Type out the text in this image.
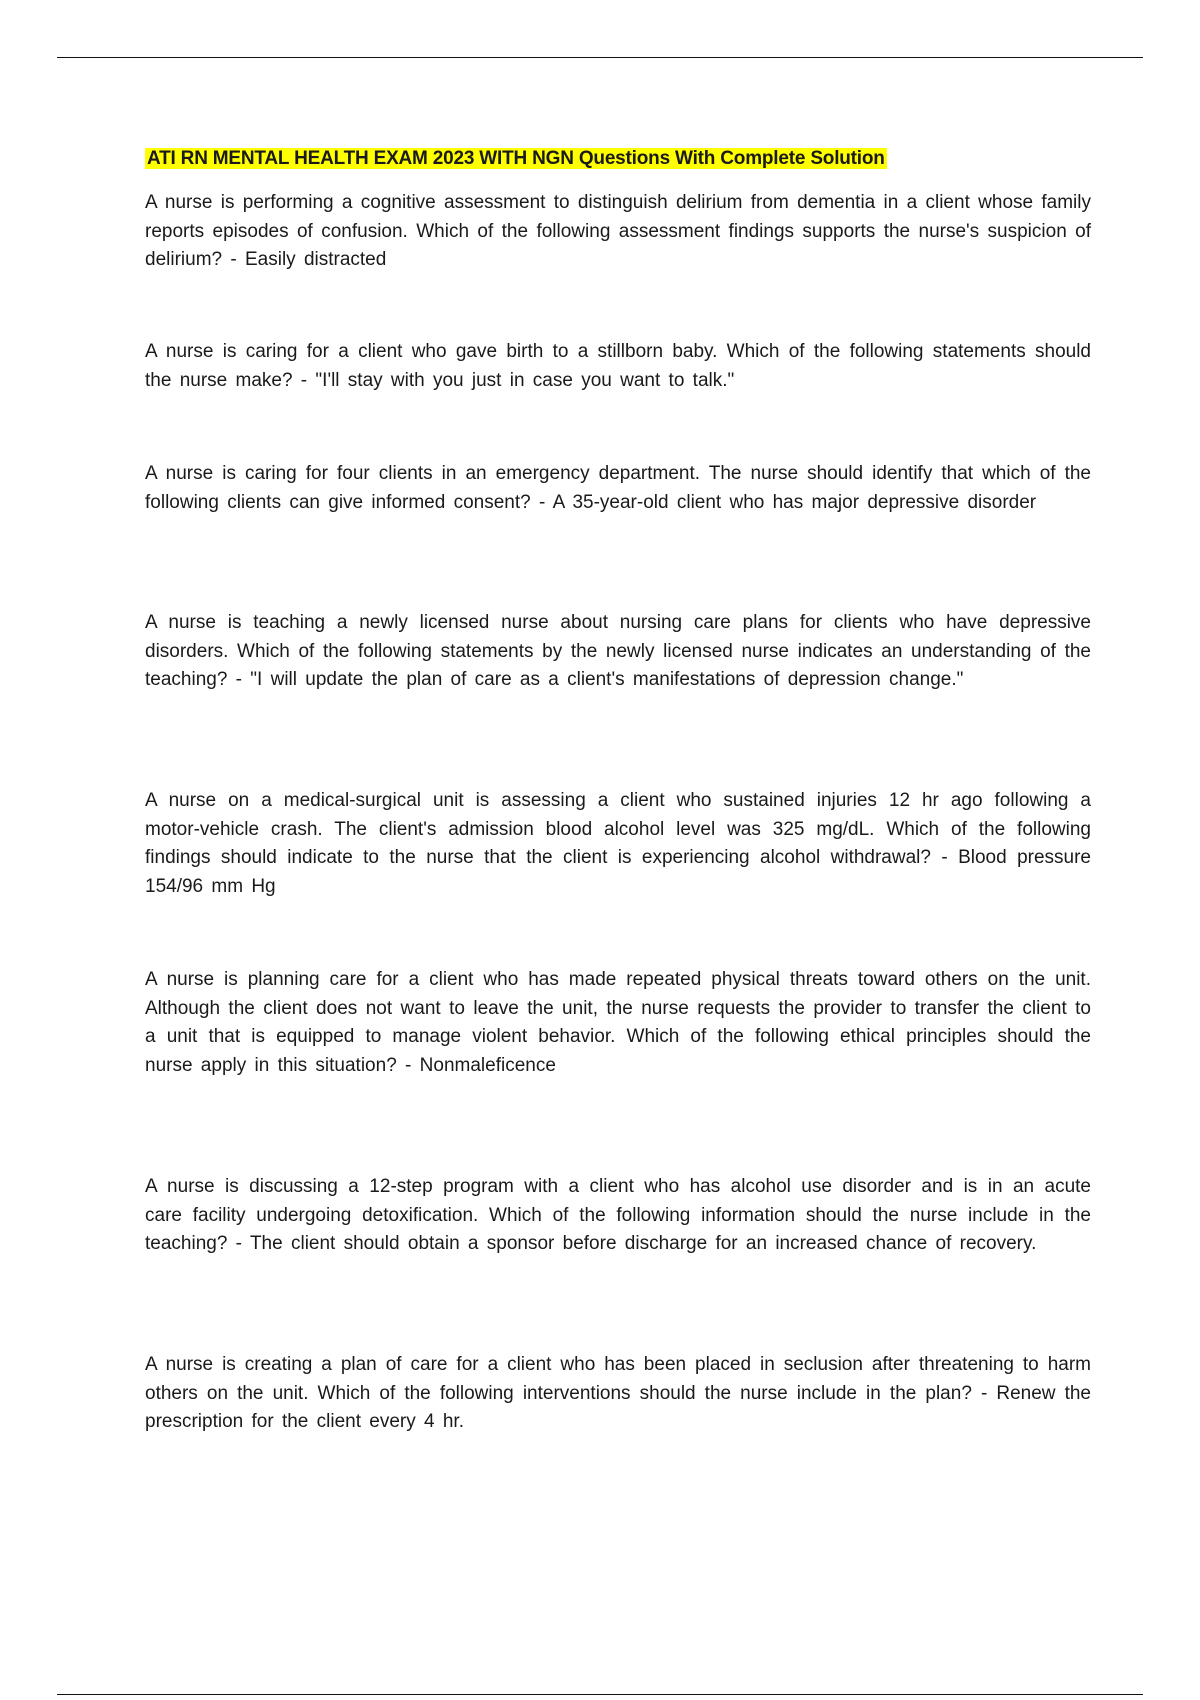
ATI RN MENTAL HEALTH EXAM 2023 WITH NGN Questions With Complete Solution

A nurse is performing a cognitive assessment to distinguish delirium from dementia in a client whose family reports episodes of confusion. Which of the following assessment findings supports the nurse's suspicion of delirium? - Easily distracted

A nurse is caring for a client who gave birth to a stillborn baby. Which of the following statements should the nurse make? - "I'll stay with you just in case you want to talk."

A nurse is caring for four clients in an emergency department. The nurse should identify that which of the following clients can give informed consent? - A 35-year-old client who has major depressive disorder

A nurse is teaching a newly licensed nurse about nursing care plans for clients who have depressive disorders. Which of the following statements by the newly licensed nurse indicates an understanding of the teaching? - "I will update the plan of care as a client's manifestations of depression change."

A nurse on a medical-surgical unit is assessing a client who sustained injuries 12 hr ago following a motor-vehicle crash. The client's admission blood alcohol level was 325 mg/dL. Which of the following findings should indicate to the nurse that the client is experiencing alcohol withdrawal? - Blood pressure 154/96 mm Hg

A nurse is planning care for a client who has made repeated physical threats toward others on the unit. Although the client does not want to leave the unit, the nurse requests the provider to transfer the client to a unit that is equipped to manage violent behavior. Which of the following ethical principles should the nurse apply in this situation? - Nonmaleficence

A nurse is discussing a 12-step program with a client who has alcohol use disorder and is in an acute care facility undergoing detoxification. Which of the following information should the nurse include in the teaching? - The client should obtain a sponsor before discharge for an increased chance of recovery.

A nurse is creating a plan of care for a client who has been placed in seclusion after threatening to harm others on the unit. Which of the following interventions should the nurse include in the plan? - Renew the prescription for the client every 4 hr.
